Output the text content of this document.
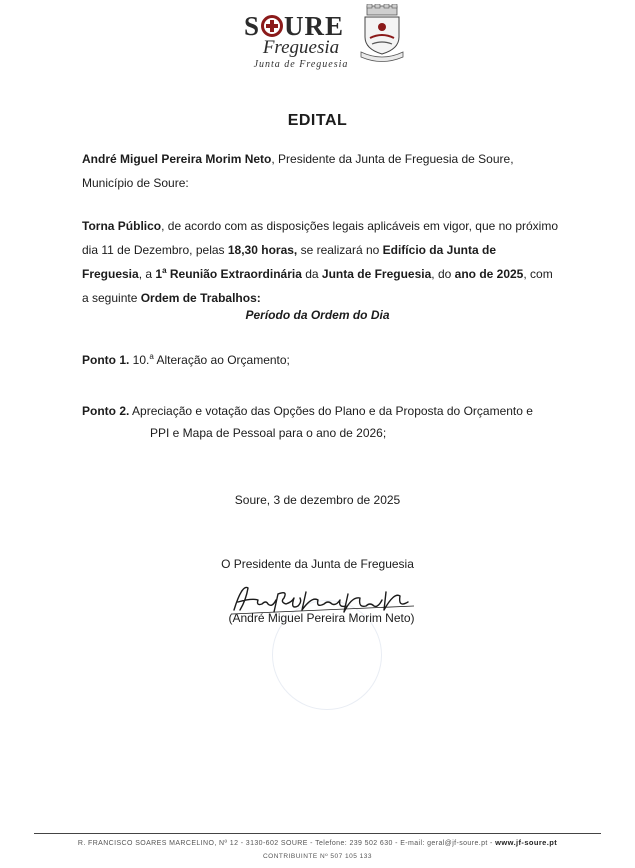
S URE
Freguesia
Junta de Freguesia
EDITAL
André Miguel Pereira Morim Neto, Presidente da Junta de Freguesia de Soure, Município de Soure:
Torna Público, de acordo com as disposições legais aplicáveis em vigor, que no próximo dia 11 de Dezembro, pelas 18,30 horas, se realizará no Edifício da Junta de Freguesia, a 1$^a$ Reunião Extraordinária da Junta de Freguesia, do ano de 2025, com a seguinte Ordem de Trabalhos:
Período da Ordem do Dia
Ponto 1. 10.$^a$ Alteração ao Orçamento;
Ponto 2. Apreciação e votação das Opções do Plano e da Proposta do Orçamento e
PPI e Mapa de Pessoal para o ano de 2026;
Soure, 3 de dezembro de 2025
O Presidente da Junta de Freguesia
(André Miguel Pereira Morim Neto)
R. FRANCISCO SOARES MARCELINO, Nº 12 - 3130-602 SOURE - Telefone: 239 502 630 - E-mail: geral@jf-soure.pt - www.jf-soure.pt
CONTRIBUINTE Nº 507 105 133
